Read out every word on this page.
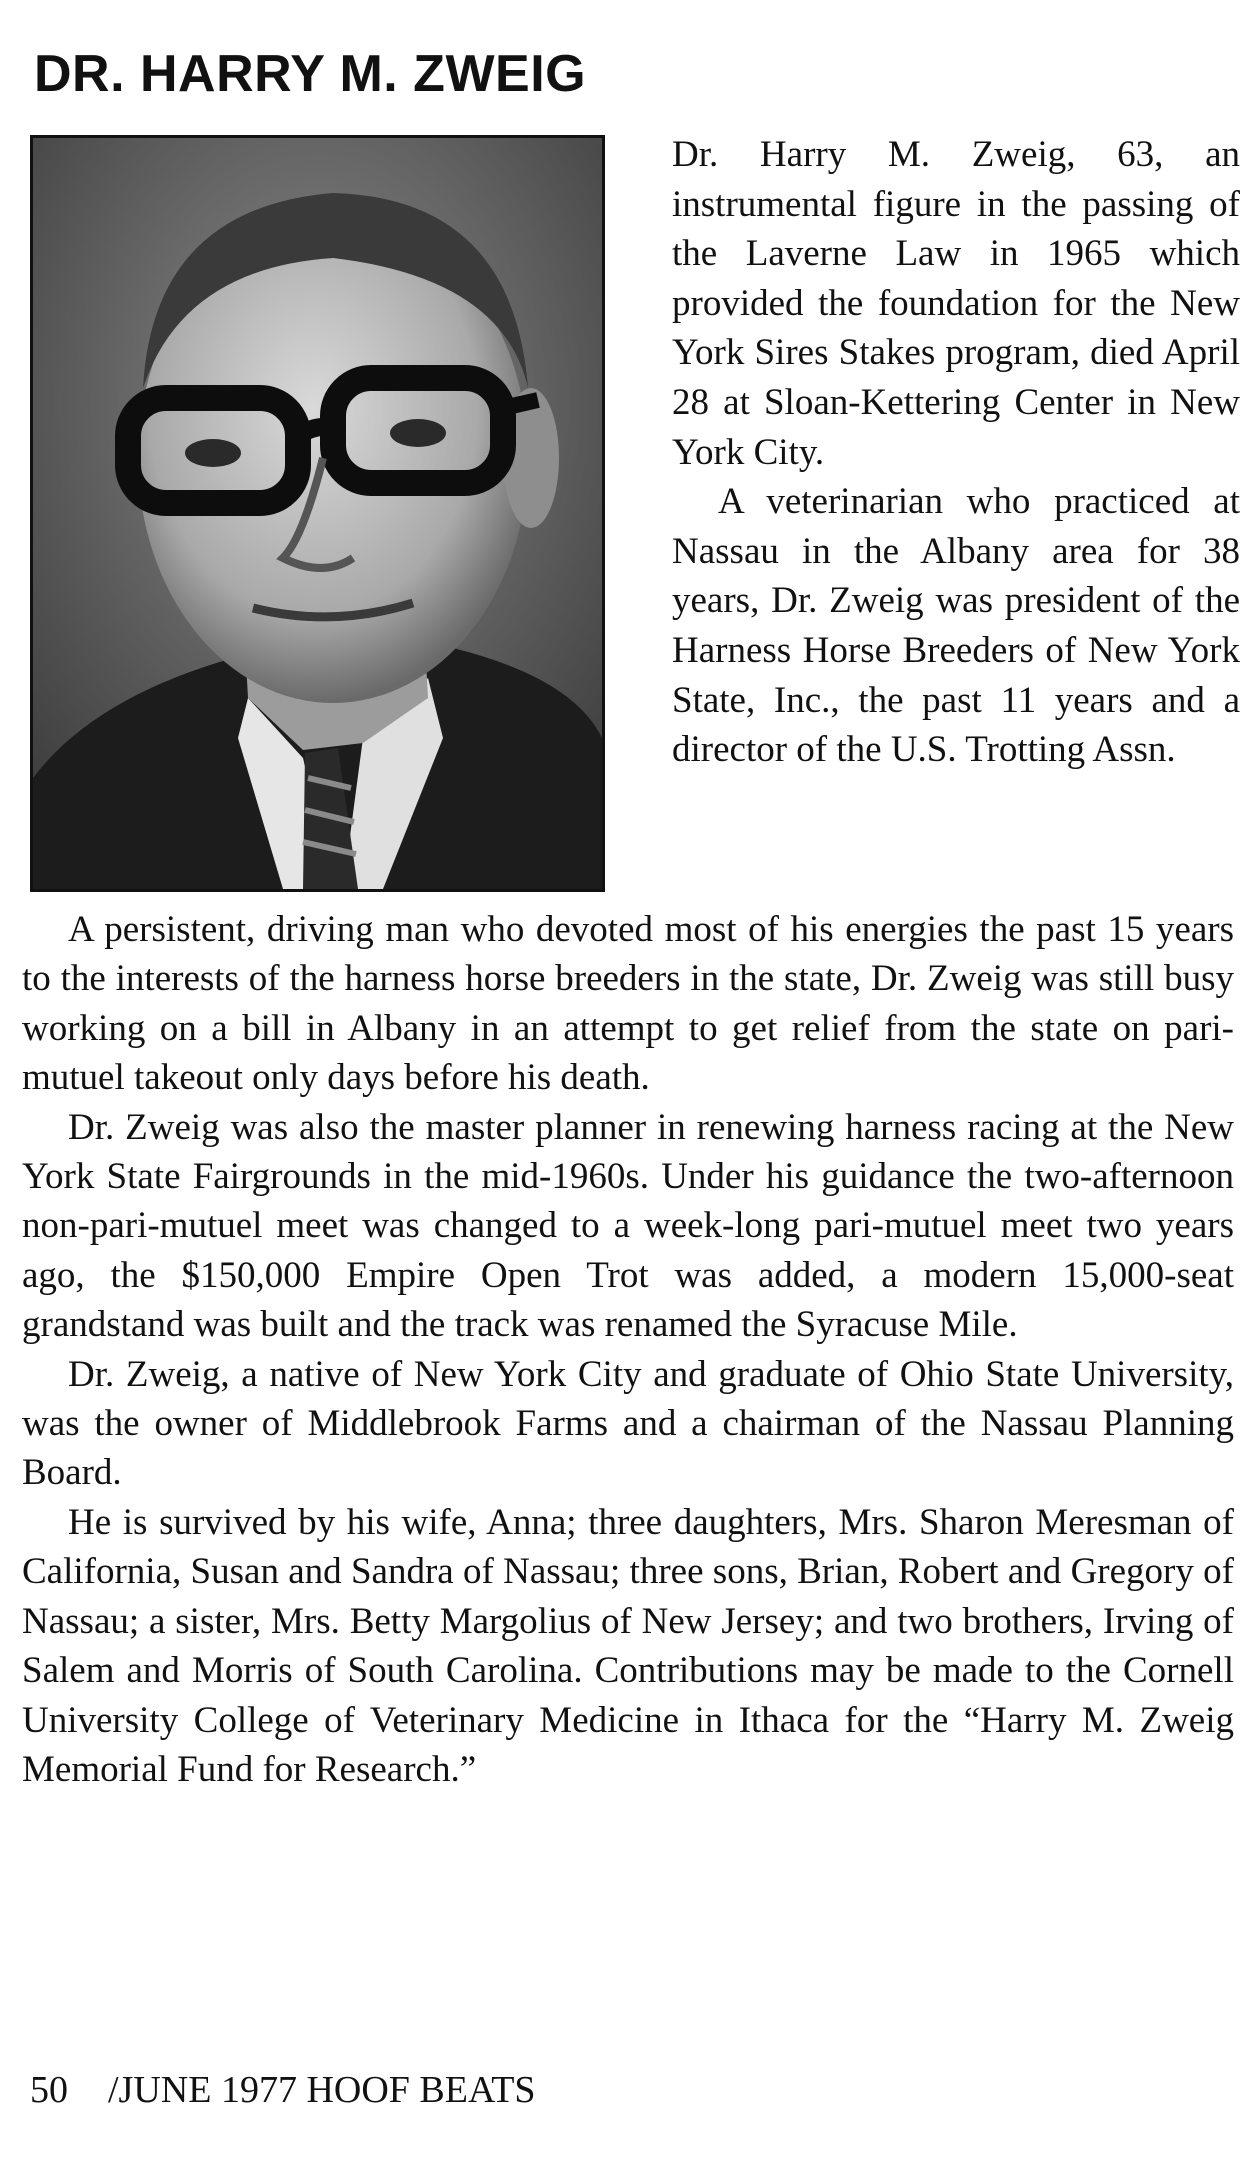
DR. HARRY M. ZWEIG

Dr. Harry M. Zweig, 63, an instrumental figure in the passing of the Laverne Law in 1965 which provided the foundation for the New York Sires Stakes program, died April 28 at Sloan-Kettering Center in New York City.

A veterinarian who practiced at Nassau in the Albany area for 38 years, Dr. Zweig was president of the Harness Horse Breeders of New York State, Inc., the past 11 years and a director of the U.S. Trotting Assn.

A persistent, driving man who devoted most of his energies the past 15 years to the interests of the harness horse breeders in the state, Dr. Zweig was still busy working on a bill in Albany in an attempt to get relief from the state on pari-mutuel takeout only days before his death.

Dr. Zweig was also the master planner in renewing harness racing at the New York State Fairgrounds in the mid-1960s. Under his guidance the two-afternoon non-pari-mutuel meet was changed to a week-long pari-mutuel meet two years ago, the $150,000 Empire Open Trot was added, a modern 15,000-seat grandstand was built and the track was renamed the Syracuse Mile.

Dr. Zweig, a native of New York City and graduate of Ohio State University, was the owner of Middlebrook Farms and a chairman of the Nassau Planning Board.

He is survived by his wife, Anna; three daughters, Mrs. Sharon Meresman of California, Susan and Sandra of Nassau; three sons, Brian, Robert and Gregory of Nassau; a sister, Mrs. Betty Margolius of New Jersey; and two brothers, Irving of Salem and Morris of South Carolina. Contributions may be made to the Cornell University College of Veterinary Medicine in Ithaca for the “Harry M. Zweig Memorial Fund for Research.”

50 /JUNE 1977 HOOF BEATS
